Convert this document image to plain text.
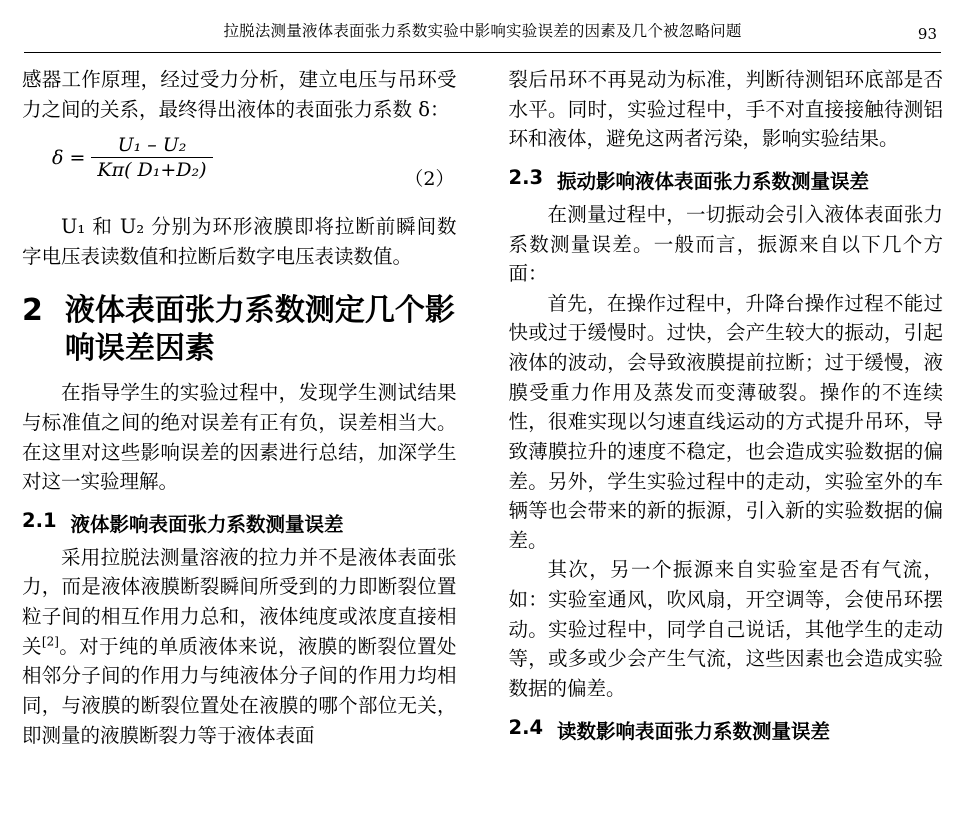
拉脱法测量液体表面张力系数实验中影响实验误差的因素及几个被忽略问题	93

感器工作原理，经过受力分析，建立电压与吊环受力之间的关系，最终得出液体的表面张力系数 δ：

$\delta = \frac{\text{U₁ – U₂}}{\text{Kπ( D₁+D₂)}}$	（2）

U₁ 和 U₂ 分别为环形液膜即将拉断前瞬间数字电压表读数值和拉断后数字电压表读数值。

2 液体表面张力系数测定几个影响误差因素

在指导学生的实验过程中，发现学生测试结果与标准值之间的绝对误差有正有负，误差相当大。在这里对这些影响误差的因素进行总结，加深学生对这一实验理解。

2.1 液体影响表面张力系数测量误差

采用拉脱法测量溶液的拉力并不是液体表面张力，而是液体液膜断裂瞬间所受到的力即断裂位置粒子间的相互作用力总和，液体纯度或浓度直接相关[2]。对于纯的单质液体来说，液膜的断裂位置处相邻分子间的作用力与纯液体分子间的作用力均相同，与液膜的断裂位置处在液膜的哪个部位无关，即测量的液膜断裂力等于液体表面

裂后吊环不再晃动为标准，判断待测铝环底部是否水平。同时，实验过程中，手不对直接接触待测铝环和液体，避免这两者污染，影响实验结果。

2.3 振动影响液体表面张力系数测量误差

在测量过程中，一切振动会引入液体表面张力系数测量误差。一般而言，振源来自以下几个方面：

首先，在操作过程中，升降台操作过程不能过快或过于缓慢时。过快，会产生较大的振动，引起液体的波动，会导致液膜提前拉断；过于缓慢，液膜受重力作用及蒸发而变薄破裂。操作的不连续性，很难实现以匀速直线运动的方式提升吊环，导致薄膜拉升的速度不稳定，也会造成实验数据的偏差。另外，学生实验过程中的走动，实验室外的车辆等也会带来的新的振源，引入新的实验数据的偏差。

其次，另一个振源来自实验室是否有气流，如：实验室通风，吹风扇，开空调等，会使吊环摆动。实验过程中，同学自己说话，其他学生的走动等，或多或少会产生气流，这些因素也会造成实验数据的偏差。

2.4 读数影响表面张力系数测量误差
